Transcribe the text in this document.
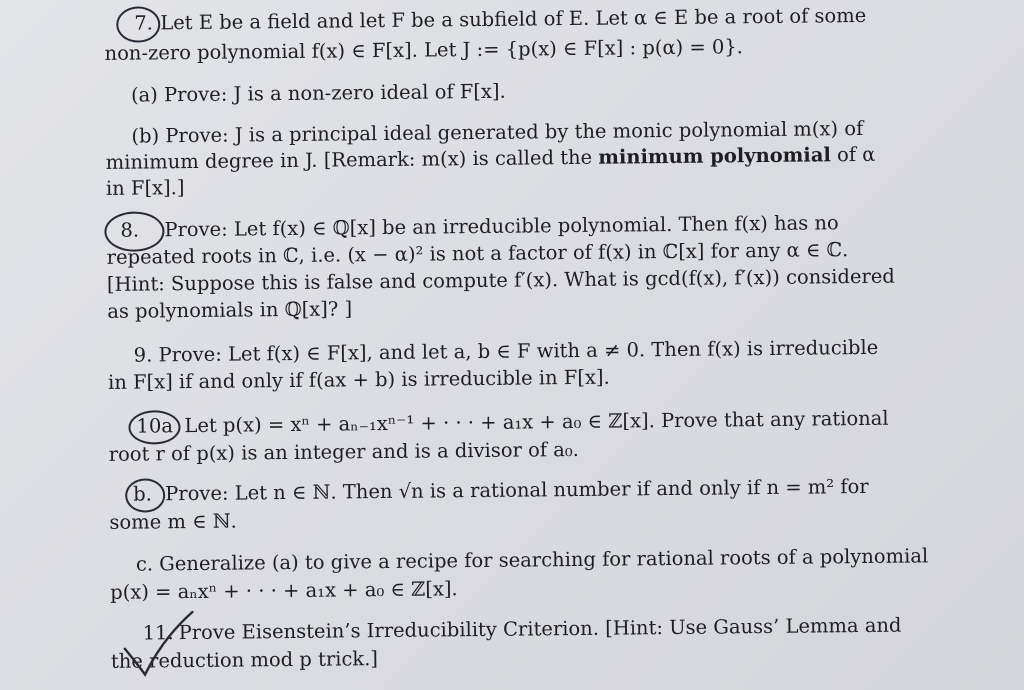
7. Let E be a field and let F be a subfield of E. Let α ∈ E be a root of some
non-zero polynomial f(x) ∈ F[x]. Let J := {p(x) ∈ F[x] : p(α) = 0}.
(a) Prove: J is a non-zero ideal of F[x].
(b) Prove: J is a principal ideal generated by the monic polynomial m(x) of
minimum degree in J. [Remark: m(x) is called the minimum polynomial of α
in F[x].]
8. Prove: Let f(x) ∈ ℚ[x] be an irreducible polynomial. Then f(x) has no
repeated roots in ℂ, i.e. (x − α)² is not a factor of f(x) in ℂ[x] for any α ∈ ℂ.
[Hint: Suppose this is false and compute f′(x). What is gcd(f(x), f′(x)) considered
as polynomials in ℚ[x]? ]
9. Prove: Let f(x) ∈ F[x], and let a, b ∈ F with a ≠ 0. Then f(x) is irreducible
in F[x] if and only if f(ax + b) is irreducible in F[x].
10a Let p(x) = xⁿ + aₙ₋₁xⁿ⁻¹ + · · · + a₁x + a₀ ∈ ℤ[x]. Prove that any rational
root r of p(x) is an integer and is a divisor of a₀.
b. Prove: Let n ∈ ℕ. Then √n is a rational number if and only if n = m² for
some m ∈ ℕ.
c. Generalize (a) to give a recipe for searching for rational roots of a polynomial
p(x) = aₙxⁿ + · · · + a₁x + a₀ ∈ ℤ[x].
11. Prove Eisenstein’s Irreducibility Criterion. [Hint: Use Gauss’ Lemma and
the reduction mod p trick.]
